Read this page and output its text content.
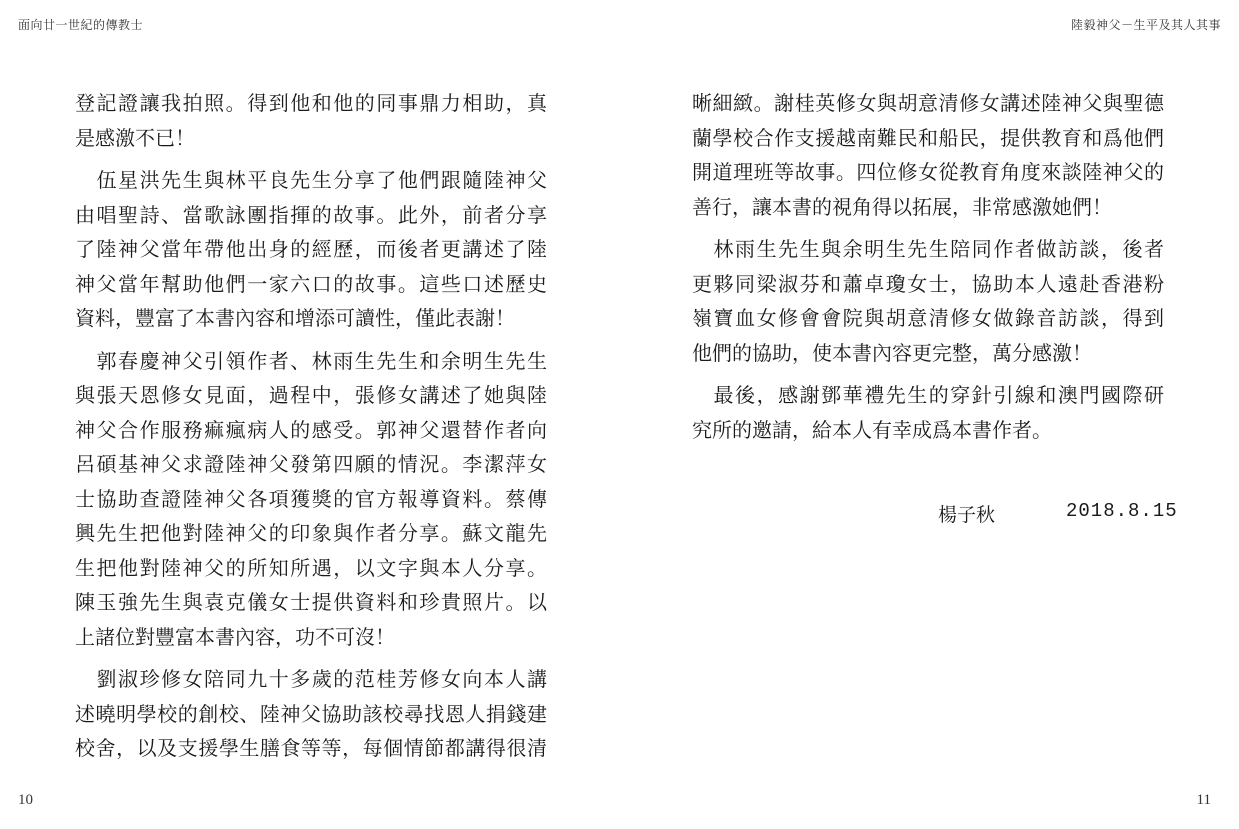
面向廿一世紀的傳教士
登記證讓我拍照。得到他和他的同事鼎力相助，真
是感激不已！
　伍星洪先生與林平良先生分享了他們跟隨陸神父
由唱聖詩、當歌詠團指揮的故事。此外，前者分享
了陸神父當年帶他出身的經歷，而後者更講述了陸
神父當年幫助他們一家六口的故事。這些口述歷史
資料，豐富了本書內容和增添可讀性，僅此表謝！
　郭春慶神父引領作者、林雨生先生和余明生先生
與張天恩修女見面，過程中，張修女講述了她與陸
神父合作服務痲瘋病人的感受。郭神父還替作者向
呂碩基神父求證陸神父發第四願的情況。李潔萍女
士協助查證陸神父各項獲獎的官方報導資料。蔡傳
興先生把他對陸神父的印象與作者分享。蘇文龍先
生把他對陸神父的所知所遇，以文字與本人分享。
陳玉強先生與袁克儀女士提供資料和珍貴照片。以
上諸位對豐富本書內容，功不可沒！
　劉淑珍修女陪同九十多歲的范桂芳修女向本人講
述曉明學校的創校、陸神父協助該校尋找恩人捐錢建
校舍，以及支援學生膳食等等，每個情節都講得很清
10
陸毅神父－生平及其人其事
晰細緻。謝桂英修女與胡意清修女講述陸神父與聖德
蘭學校合作支援越南難民和船民，提供教育和爲他們
開道理班等故事。四位修女從教育角度來談陸神父的
善行，讓本書的視角得以拓展，非常感激她們！
　林雨生先生與余明生先生陪同作者做訪談，後者
更夥同梁淑芬和蕭卓瓊女士，協助本人遠赴香港粉
嶺寶血女修會會院與胡意清修女做錄音訪談，得到
他們的協助，使本書內容更完整，萬分感激！
　最後，感謝鄧華禮先生的穿針引線和澳門國際研
究所的邀請，給本人有幸成爲本書作者。
楊子秋	2018.8.15
11
